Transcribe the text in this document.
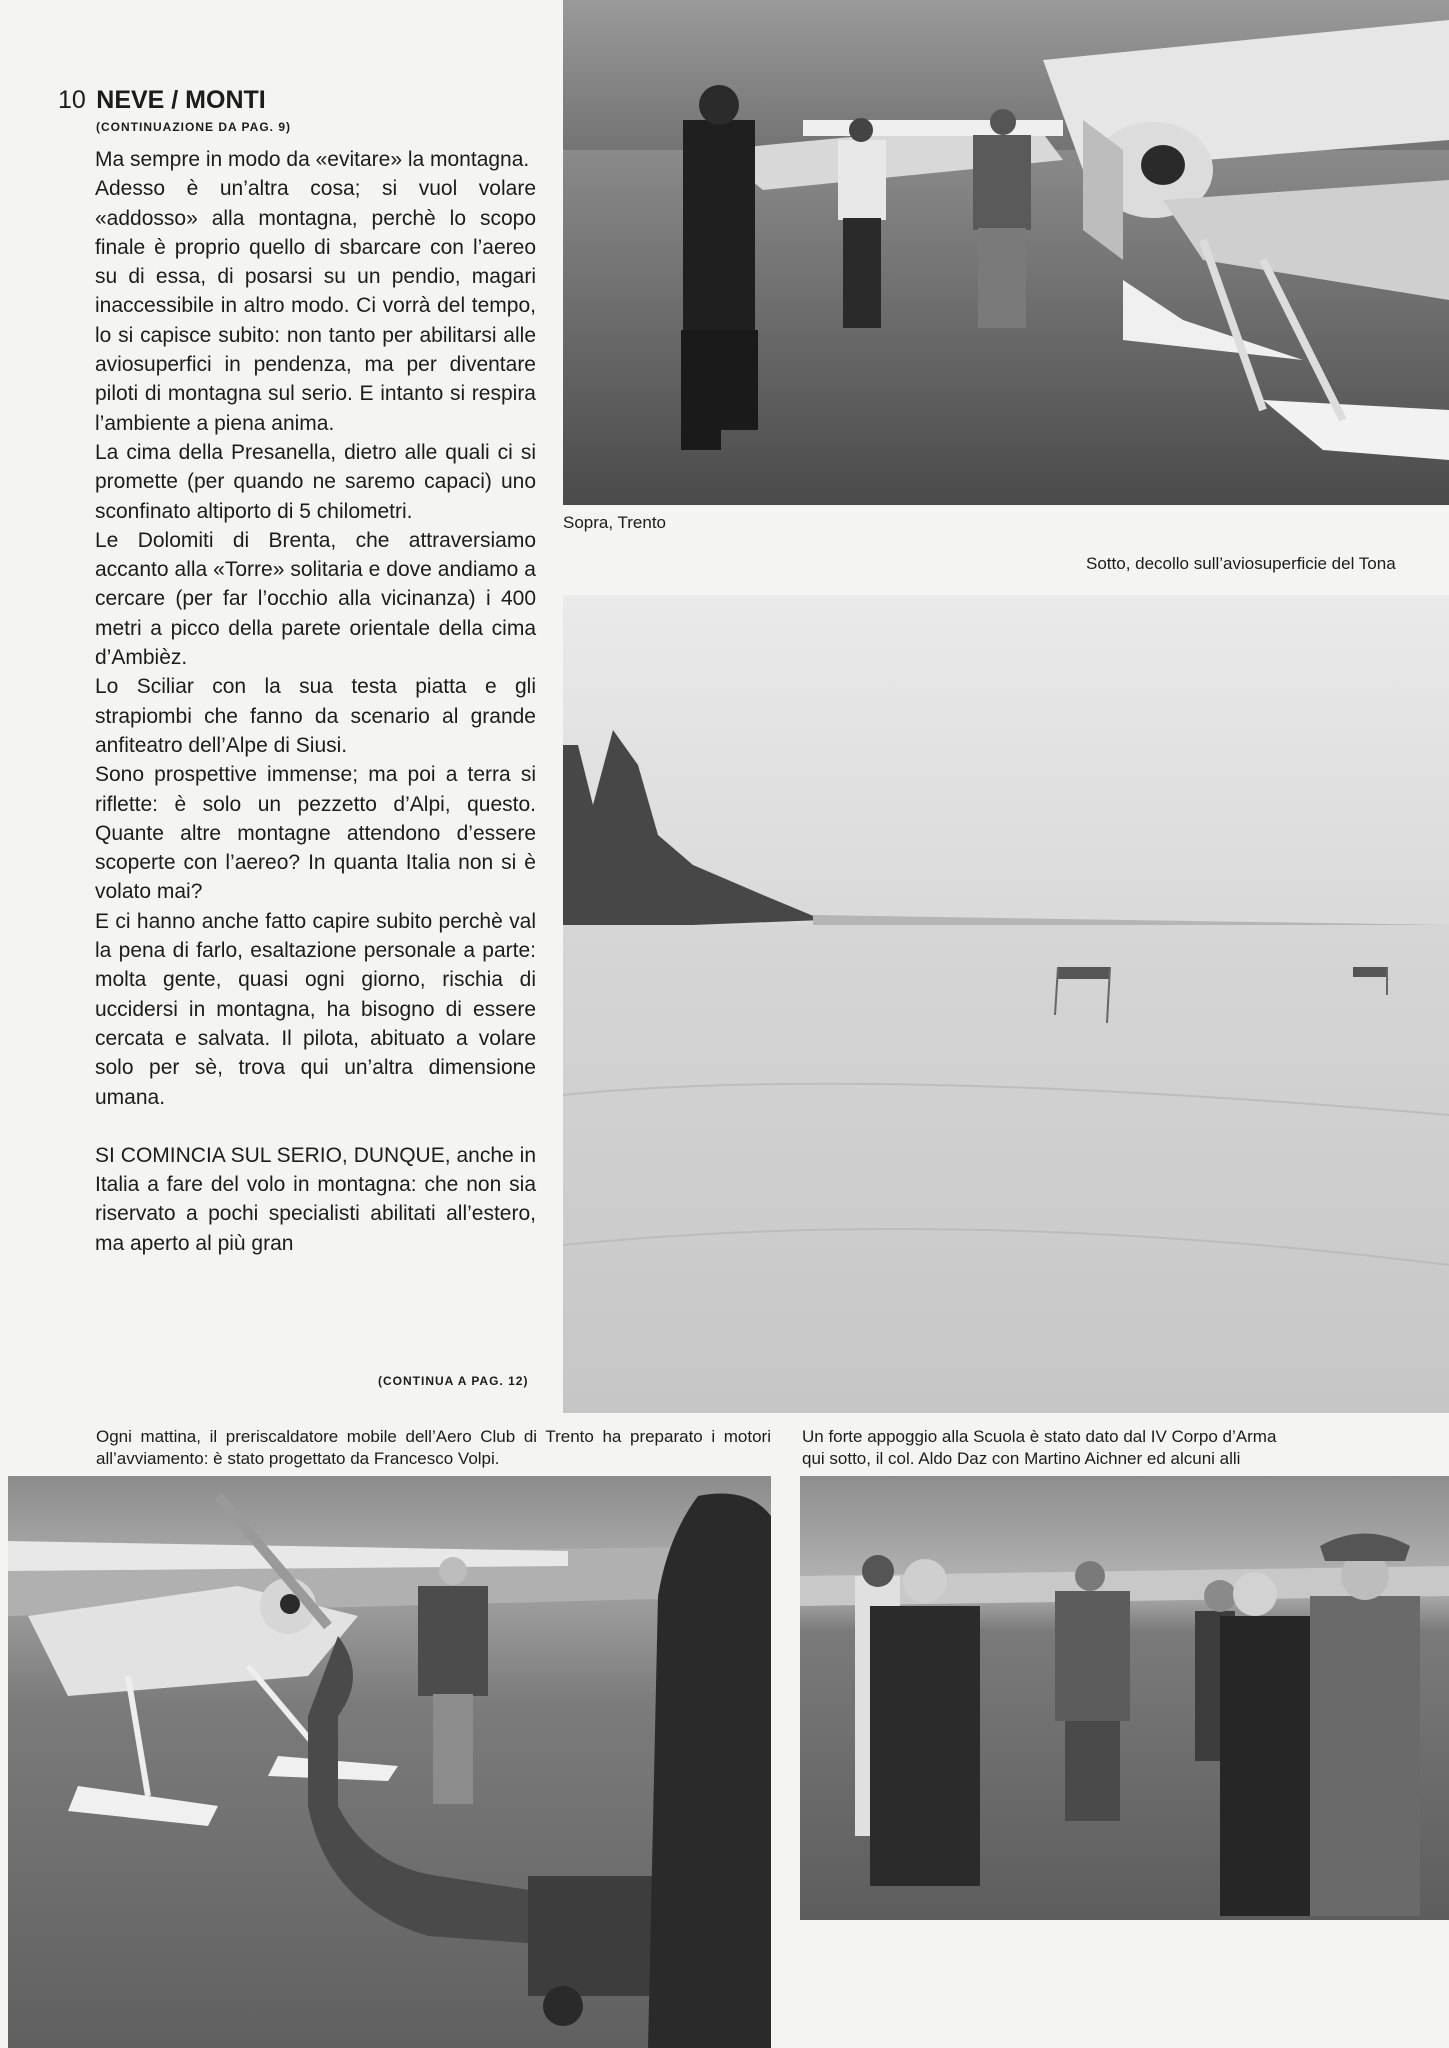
10 NEVE / MONTI
(CONTINUAZIONE DA PAG. 9)

Ma sempre in modo da «evitare» la montagna.

Adesso è un’altra cosa; si vuol volare «addosso» alla montagna, perchè lo scopo finale è proprio quello di sbarcare con l’aereo su di essa, di posarsi su un pendio, magari inaccessibile in altro modo. Ci vorrà del tempo, lo si capisce subito: non tanto per abilitarsi alle aviosuperfici in pendenza, ma per diventare piloti di montagna sul serio. E intanto si respira l’ambiente a piena anima.

La cima della Presanella, dietro alle quali ci si promette (per quando ne saremo capaci) uno sconfinato altiporto di 5 chilometri.

Le Dolomiti di Brenta, che attraversiamo accanto alla «Torre» solitaria e dove andiamo a cercare (per far l’occhio alla vicinanza) i 400 metri a picco della parete orientale della cima d’Ambièz.

Lo Sciliar con la sua testa piatta e gli strapiombi che fanno da scenario al grande anfiteatro dell’Alpe di Siusi.

Sono prospettive immense; ma poi a terra si riflette: è solo un pezzetto d’Alpi, questo. Quante altre montagne attendono d’essere scoperte con l’aereo? In quanta Italia non si è volato mai?

E ci hanno anche fatto capire subito perchè val la pena di farlo, esaltazione personale a parte: molta gente, quasi ogni giorno, rischia di uccidersi in montagna, ha bisogno di essere cercata e salvata. Il pilota, abituato a volare solo per sè, trova qui un’altra dimensione umana.

SI COMINCIA SUL SERIO, DUNQUE, anche in Italia a fare del volo in montagna: che non sia riservato a pochi specialisti abilitati all’estero, ma aperto al più gran

(CONTINUA A PAG. 12)
Sopra, Trento
Sotto, decollo sull’aviosuperficie del Tona
Ogni mattina, il preriscaldatore mobile dell’Aero Club di Trento ha preparato i motori all’avviamento: è stato progettato da Francesco Volpi.
Un forte appoggio alla Scuola è stato dato dal IV Corpo d’Arma
qui sotto, il col. Aldo Daz con Martino Aichner ed alcuni alli
